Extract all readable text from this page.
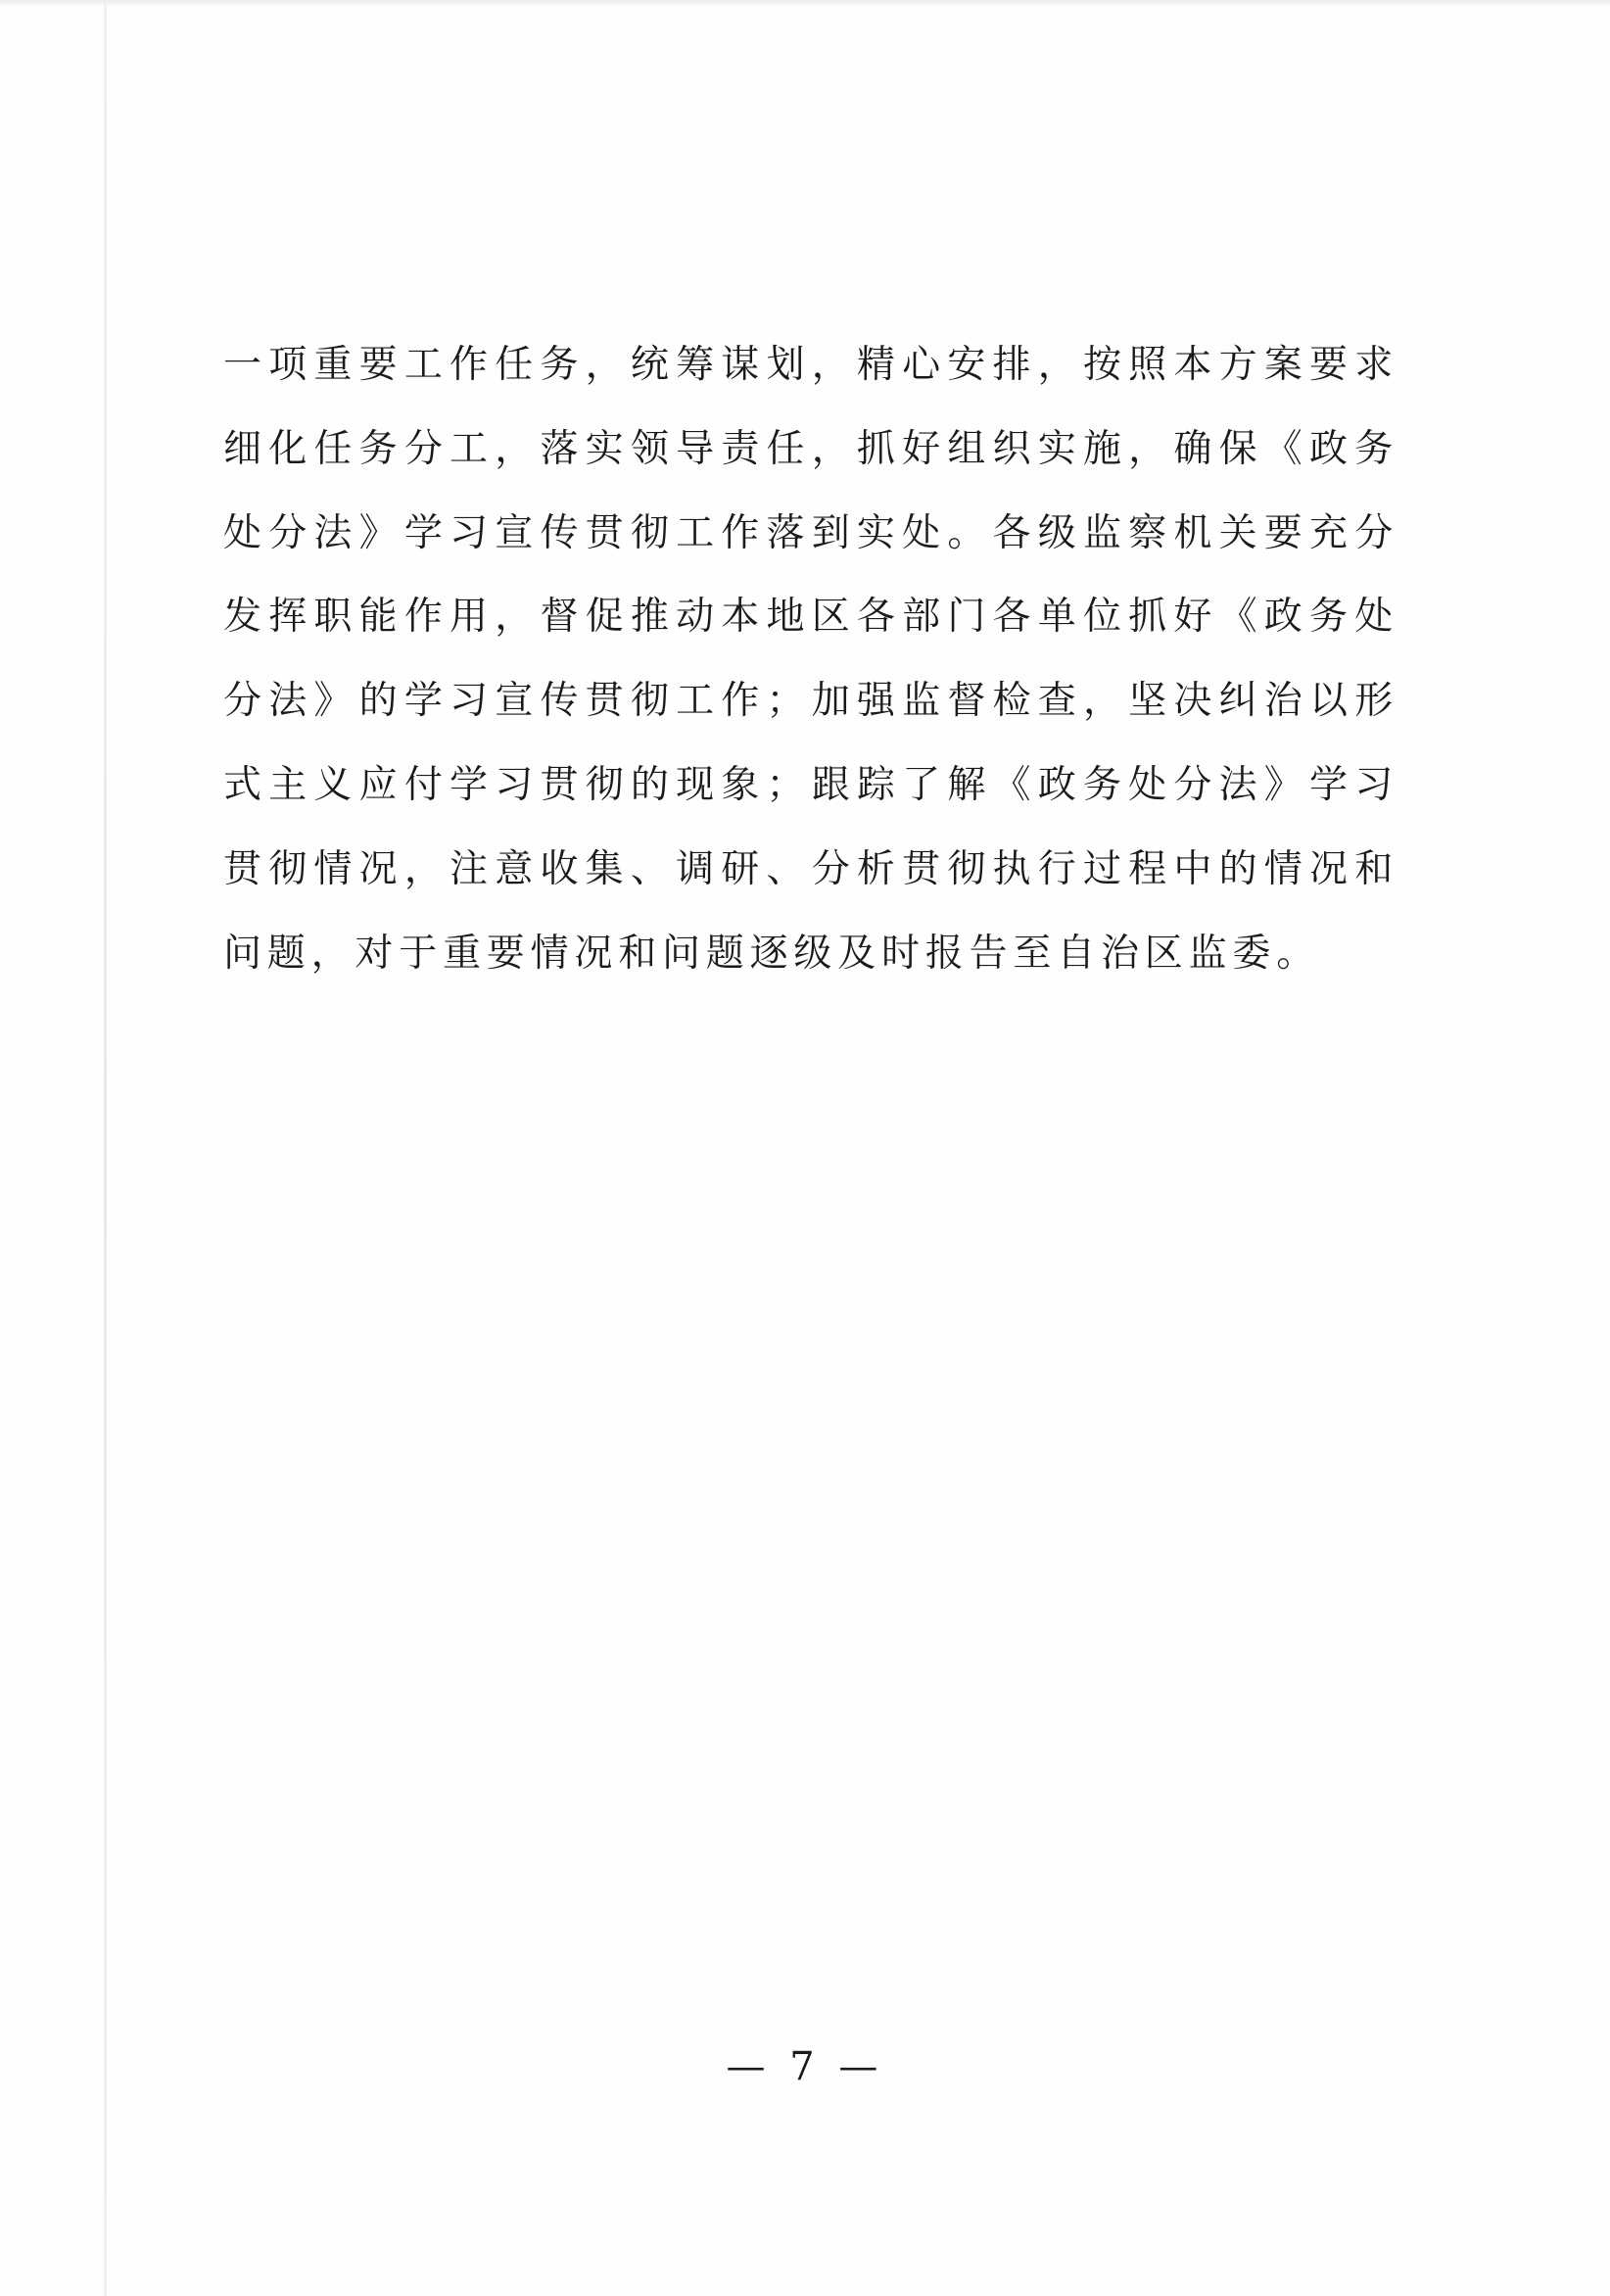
一项重要工作任务，统筹谋划，精心安排，按照本方案要求细化任务分工，落实领导责任，抓好组织实施，确保《政务处分法》学习宣传贯彻工作落到实处。各级监察机关要充分发挥职能作用，督促推动本地区各部门各单位抓好《政务处分法》的学习宣传贯彻工作；加强监督检查，坚决纠治以形式主义应付学习贯彻的现象；跟踪了解《政务处分法》学习贯彻情况，注意收集、调研、分析贯彻执行过程中的情况和问题，对于重要情况和问题逐级及时报告至自治区监委。

— 7 —
